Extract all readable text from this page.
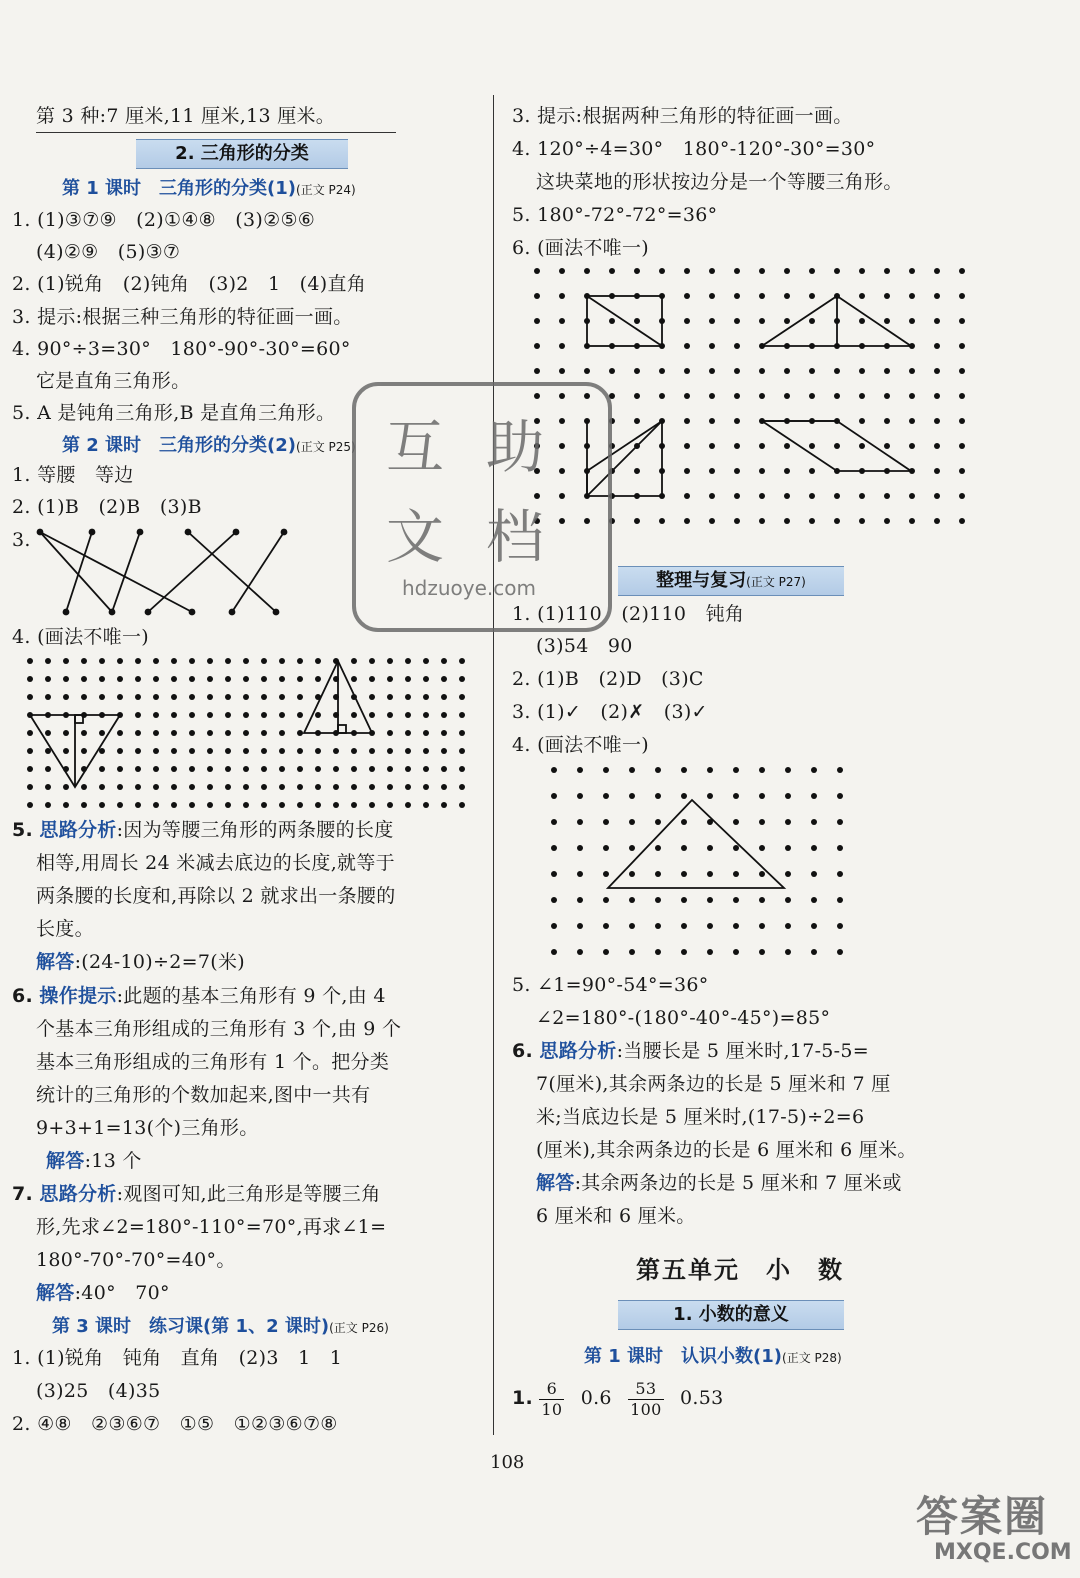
第 3 种:7 厘米,11 厘米,13 厘米。
2. 三角形的分类
第 1 课时　三角形的分类(1)(正文 P24)
1. (1)③⑦⑨　(2)①④⑧　(3)②⑤⑥
(4)②⑨　(5)③⑦
2. (1)锐角　(2)钝角　(3)2　1　(4)直角
3. 提示:根据三种三角形的特征画一画。
4. 90°÷3=30°　180°-90°-30°=60°
它是直角三角形。
5. A 是钝角三角形,B 是直角三角形。
第 2 课时　三角形的分类(2)(正文 P25)
1. 等腰　等边
2. (1)B　(2)B　(3)B
3.
4. (画法不唯一)
5. 思路分析:因为等腰三角形的两条腰的长度
相等,用周长 24 米减去底边的长度,就等于
两条腰的长度和,再除以 2 就求出一条腰的
长度。
解答:(24-10)÷2=7(米)
6. 操作提示:此题的基本三角形有 9 个,由 4
个基本三角形组成的三角形有 3 个,由 9 个
基本三角形组成的三角形有 1 个。把分类
统计的三角形的个数加起来,图中一共有
9+3+1=13(个)三角形。
解答:13 个
7. 思路分析:观图可知,此三角形是等腰三角
形,先求∠2=180°-110°=70°,再求∠1=
180°-70°-70°=40°。
解答:40°　70°
第 3 课时　练习课(第 1、2 课时)(正文 P26)
1. (1)锐角　钝角　直角　(2)3　1　1
(3)25　(4)35
2. ④⑧　②③⑥⑦　①⑤　①②③⑥⑦⑧
3. 提示:根据两种三角形的特征画一画。
4. 120°÷4=30°　180°-120°-30°=30°
这块菜地的形状按边分是一个等腰三角形。
5. 180°-72°-72°=36°
6. (画法不唯一)
整理与复习(正文 P27)
1. (1)110　(2)110　钝角
(3)54　90
2. (1)B　(2)D　(3)C
3. (1)✓　(2)✗　(3)✓
4. (画法不唯一)
5. ∠1=90°-54°=36°
∠2=180°-(180°-40°-45°)=85°
6. 思路分析:当腰长是 5 厘米时,17-5-5=
7(厘米),其余两条边的长是 5 厘米和 7 厘
米;当底边长是 5 厘米时,(17-5)÷2=6
(厘米),其余两条边的长是 6 厘米和 6 厘米。
解答:其余两条边的长是 5 厘米和 7 厘米或
6 厘米和 6 厘米。
第五单元　小　数
1. 小数的意义
第 1 课时　认识小数(1)(正文 P28)
1. $\frac{6}{10} 0.6 \frac{53}{100} 0.53$
108
互 助
文 档
hdzuoye.com
答案圈
MXQE.COM
